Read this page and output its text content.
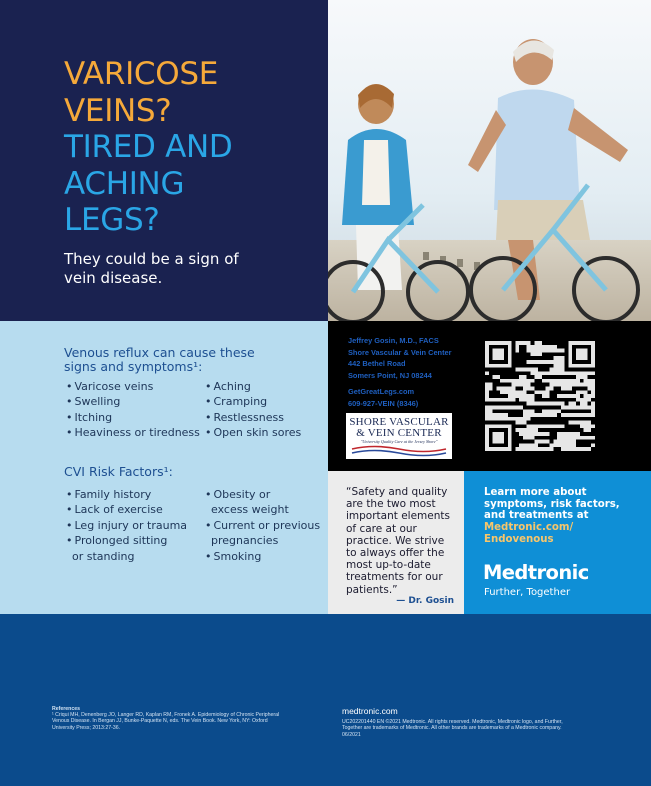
VARICOSE
VEINS?
TIRED AND
ACHING
LEGS?
They could be a sign of
vein disease.
Venous reflux can cause these
signs and symptoms¹:
• Varicose veins
• Swelling
• Itching
• Heaviness or tiredness
• Aching
• Cramping
• Restlessness
• Open skin sores
CVI Risk Factors¹:
• Family history
• Lack of exercise
• Leg injury or trauma
• Prolonged sitting
or standing
• Obesity or
excess weight
• Current or previous
pregnancies
• Smoking
Jeffrey Gosin, M.D., FACS
Shore Vascular & Vein Center
442 Bethel Road
Somers Point, NJ 08244
GetGreatLegs.com
609-927-VEIN (8346)
SHORE VASCULAR
& VEIN CENTER
"University Quality Care at the Jersey Shore"
“Safety and quality
are the two most
important elements
of care at our
practice. We strive
to always offer the
most up-to-date
treatments for our
patients.”
— Dr. Gosin
Learn more about
symptoms, risk factors,
and treatments at
Medtronic.com/
Endovenous
Medtronic
Further, Together
References
¹ Criqui MH, Denenberg JO, Langer RD, Kaplan RM, Fronek A. Epidemiology of Chronic Peripheral
Venous Disease. In Bergan JJ, Bunke-Paquette N, eds. The Vein Book. New York, NY: Oxford
University Press; 2013:27-36.
medtronic.com
UC202201440 EN ©2021 Medtronic. All rights reserved. Medtronic, Medtronic logo, and Further,
Together are trademarks of Medtronic. All other brands are trademarks of a Medtronic company.
06/2021
